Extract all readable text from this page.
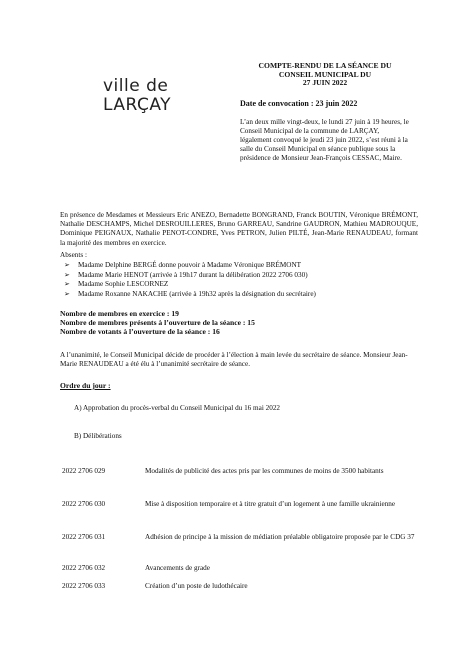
ville de
LARÇAY
COMPTE-RENDU DE LA SÉANCE DU
CONSEIL MUNICIPAL DU
27 JUIN 2022
Date de convocation : 23 juin 2022
L’an deux mille vingt-deux, le lundi 27 juin à 19 heures, le Conseil Municipal de la commune de LARÇAY, légalement convoqué le jeudi 23 juin 2022, s’est réuni à la salle du Conseil Municipal en séance publique sous la présidence de Monsieur Jean-François CESSAC, Maire.
En présence de Mesdames et Messieurs Eric ANEZO, Bernadette BONGRAND, Franck BOUTIN, Véronique BRÉMONT, Nathalie DESCHAMPS, Michel DESROUILLERES, Bruno GARREAU, Sandrine GAUDRON, Mathieu MADROUQUE, Dominique PEIGNAUX, Nathalie PENOT-CONDRE, Yves PETRON, Julien PILTÉ, Jean-Marie RENAUDEAU, formant la majorité des membres en exercice.
Absents :
➢	Madame Delphine BERGÉ donne pouvoir à Madame Véronique BRÉMONT
➢	Madame Marie HENOT (arrivée à 19h17 durant la délibération 2022 2706 030)
➢	Madame Sophie LESCORNEZ
➢	Madame Roxanne NAKACHE (arrivée à 19h32 après la désignation du secrétaire)
Nombre de membres en exercice : 19
Nombre de membres présents à l’ouverture de la séance : 15
Nombre de votants à l’ouverture de la séance : 16
A l’unanimité, le Conseil Municipal décide de procéder à l’élection à main levée du secrétaire de séance. Monsieur Jean-Marie RENAUDEAU a été élu à l’unanimité secrétaire de séance.
Ordre du jour :
A) Approbation du procès-verbal du Conseil Municipal du 16 mai 2022
B) Délibérations
2022 2706 029	Modalités de publicité des actes pris par les communes de moins de 3500 habitants
2022 2706 030	Mise à disposition temporaire et à titre gratuit d’un logement à une famille ukrainienne
2022 2706 031	Adhésion de principe à la mission de médiation préalable obligatoire proposée par le CDG 37
2022 2706 032	Avancements de grade
2022 2706 033	Création d’un poste de ludothécaire
